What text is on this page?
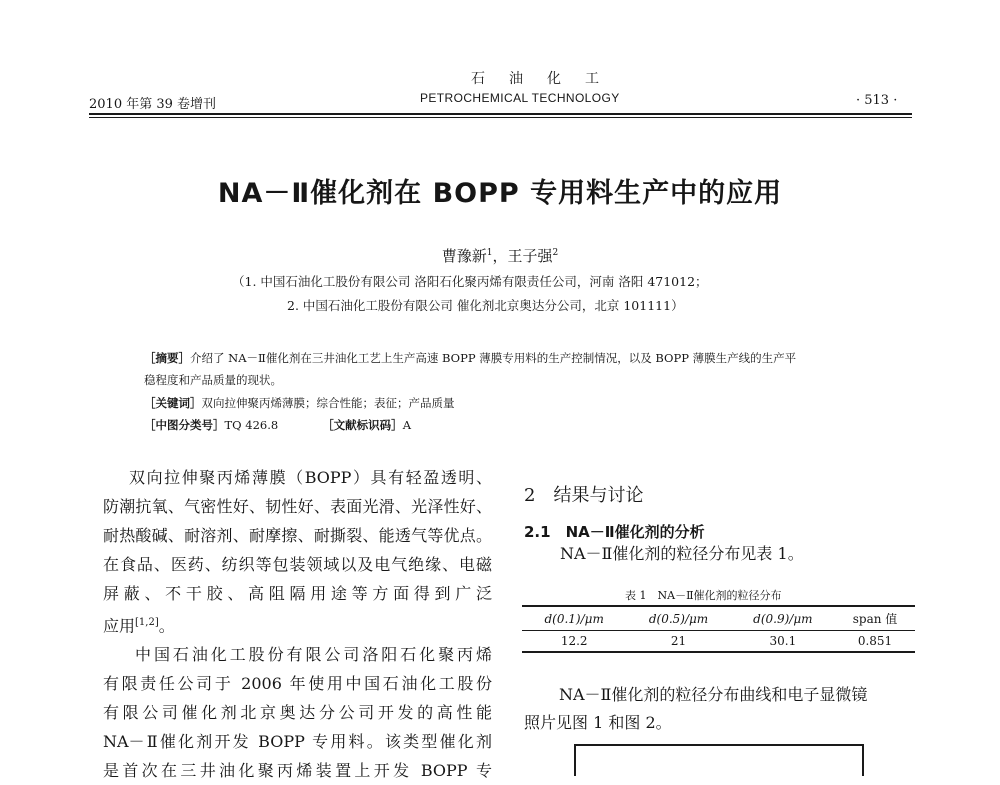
石油化工
2010 年第 39 卷增刊	PETROCHEMICAL TECHNOLOGY	· 513 ·
NA－Ⅱ催化剂在 BOPP 专用料生产中的应用
曹豫新$^1$，王子强$^2$
（1. 中国石油化工股份有限公司 洛阳石化聚丙烯有限责任公司，河南 洛阳 471012；
2. 中国石油化工股份有限公司 催化剂北京奥达分公司，北京 101111）
［摘要］介绍了 NA－Ⅱ催化剂在三井油化工艺上生产高速 BOPP 薄膜专用料的生产控制情况，以及 BOPP 薄膜生产线的生产平
稳程度和产品质量的现状。
［关键词］双向拉伸聚丙烯薄膜；综合性能；表征；产品质量
［中图分类号］TQ 426.8	［文献标识码］A
双向拉伸聚丙烯薄膜（BOPP）具有轻盈透明、
防潮抗氧、气密性好、韧性好、表面光滑、光泽性好、
耐热酸碱、耐溶剂、耐摩擦、耐撕裂、能透气等优点。
在食品、医药、纺织等包装领域以及电气绝缘、电磁
屏蔽、不干胶、高阻隔用途等方面得到广泛
应用[1,2]。
中国石油化工股份有限公司洛阳石化聚丙烯
有限责任公司于 2006 年使用中国石油化工股份
有限公司催化剂北京奥达分公司开发的高性能
NA－Ⅱ催化剂开发 BOPP 专用料。该类型催化剂
是首次在三井油化聚丙烯装置上开发 BOPP 专
2　结果与讨论
2.1　NA－Ⅱ催化剂的分析
NA－Ⅱ催化剂的粒径分布见表 1。
表 1　NA－Ⅱ催化剂的粒径分布
d(0.1)/μm	d(0.5)/μm	d(0.9)/μm	span 值
12.2	21	30.1	0.851
NA－Ⅱ催化剂的粒径分布曲线和电子显微镜
照片见图 1 和图 2。
